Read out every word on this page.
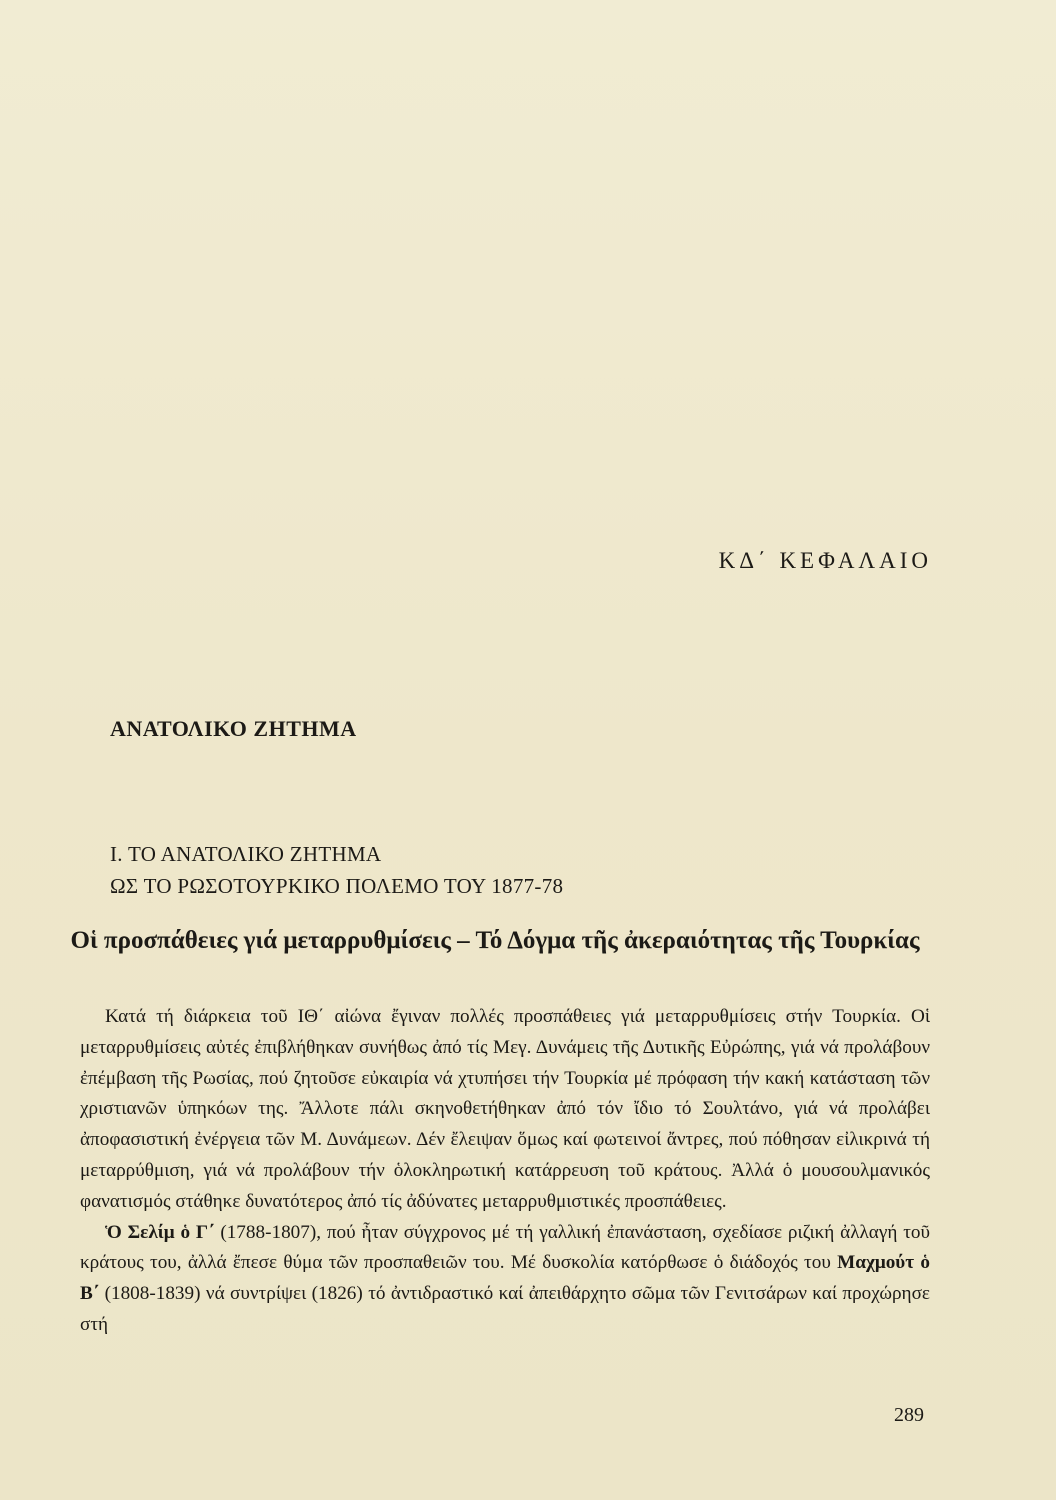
ΚΔ΄ ΚΕΦΑΛΑΙΟ
ΑΝΑΤΟΛΙΚΟ ΖΗΤΗΜΑ
Ι. ΤΟ ΑΝΑΤΟΛΙΚΟ ΖΗΤΗΜΑ
ΩΣ ΤΟ ΡΩΣΟΤΟΥΡΚΙΚΟ ΠΟΛΕΜΟ ΤΟΥ 1877-78
Οἱ προσπάθειες γιά μεταρρυθμίσεις – Τό Δόγμα τῆς ἀκεραιότητας τῆς Τουρκίας

Κατά τή διάρκεια τοῦ ΙΘ΄ αἰώνα ἔγιναν πολλές προσπάθειες γιά μεταρρυθμίσεις στήν Τουρκία. Οἱ μεταρρυθμίσεις αὐτές ἐπιβλήθηκαν συνήθως ἀπό τίς Μεγ. Δυνάμεις τῆς Δυτικῆς Εὐρώπης, γιά νά προλάβουν ἐπέμβαση τῆς Ρωσίας, πού ζητοῦσε εὐκαιρία νά χτυπήσει τήν Τουρκία μέ πρόφαση τήν κακή κατάσταση τῶν χριστιανῶν ὑπηκόων της. Ἄλλοτε πάλι σκηνοθετήθηκαν ἀπό τόν ἴδιο τό Σουλτάνο, γιά νά προλάβει ἀποφασιστική ἐνέργεια τῶν Μ. Δυνάμεων. Δέν ἔλειψαν ὅμως καί φωτεινοί ἄντρες, πού πόθησαν εἰλικρινά τή μεταρρύθμιση, γιά νά προλάβουν τήν ὁλοκληρωτική κατάρρευση τοῦ κράτους. Ἀλλά ὁ μουσουλμανικός φανατισμός στάθηκε δυνατότερος ἀπό τίς ἀδύνατες μεταρρυθμιστικές προσπάθειες.

Ὁ Σελίμ ὁ Γ΄ (1788-1807), πού ἦταν σύγχρονος μέ τή γαλλική ἐπανάσταση, σχεδίασε ριζική ἀλλαγή τοῦ κράτους του, ἀλλά ἔπεσε θύμα τῶν προσπαθειῶν του. Μέ δυσκολία κατόρθωσε ὁ διάδοχός του Μαχμούτ ὁ Β΄ (1808-1839) νά συντρίψει (1826) τό ἀντιδραστικό καί ἀπειθάρχητο σῶμα τῶν Γενιτσάρων καί προχώρησε στή

289
